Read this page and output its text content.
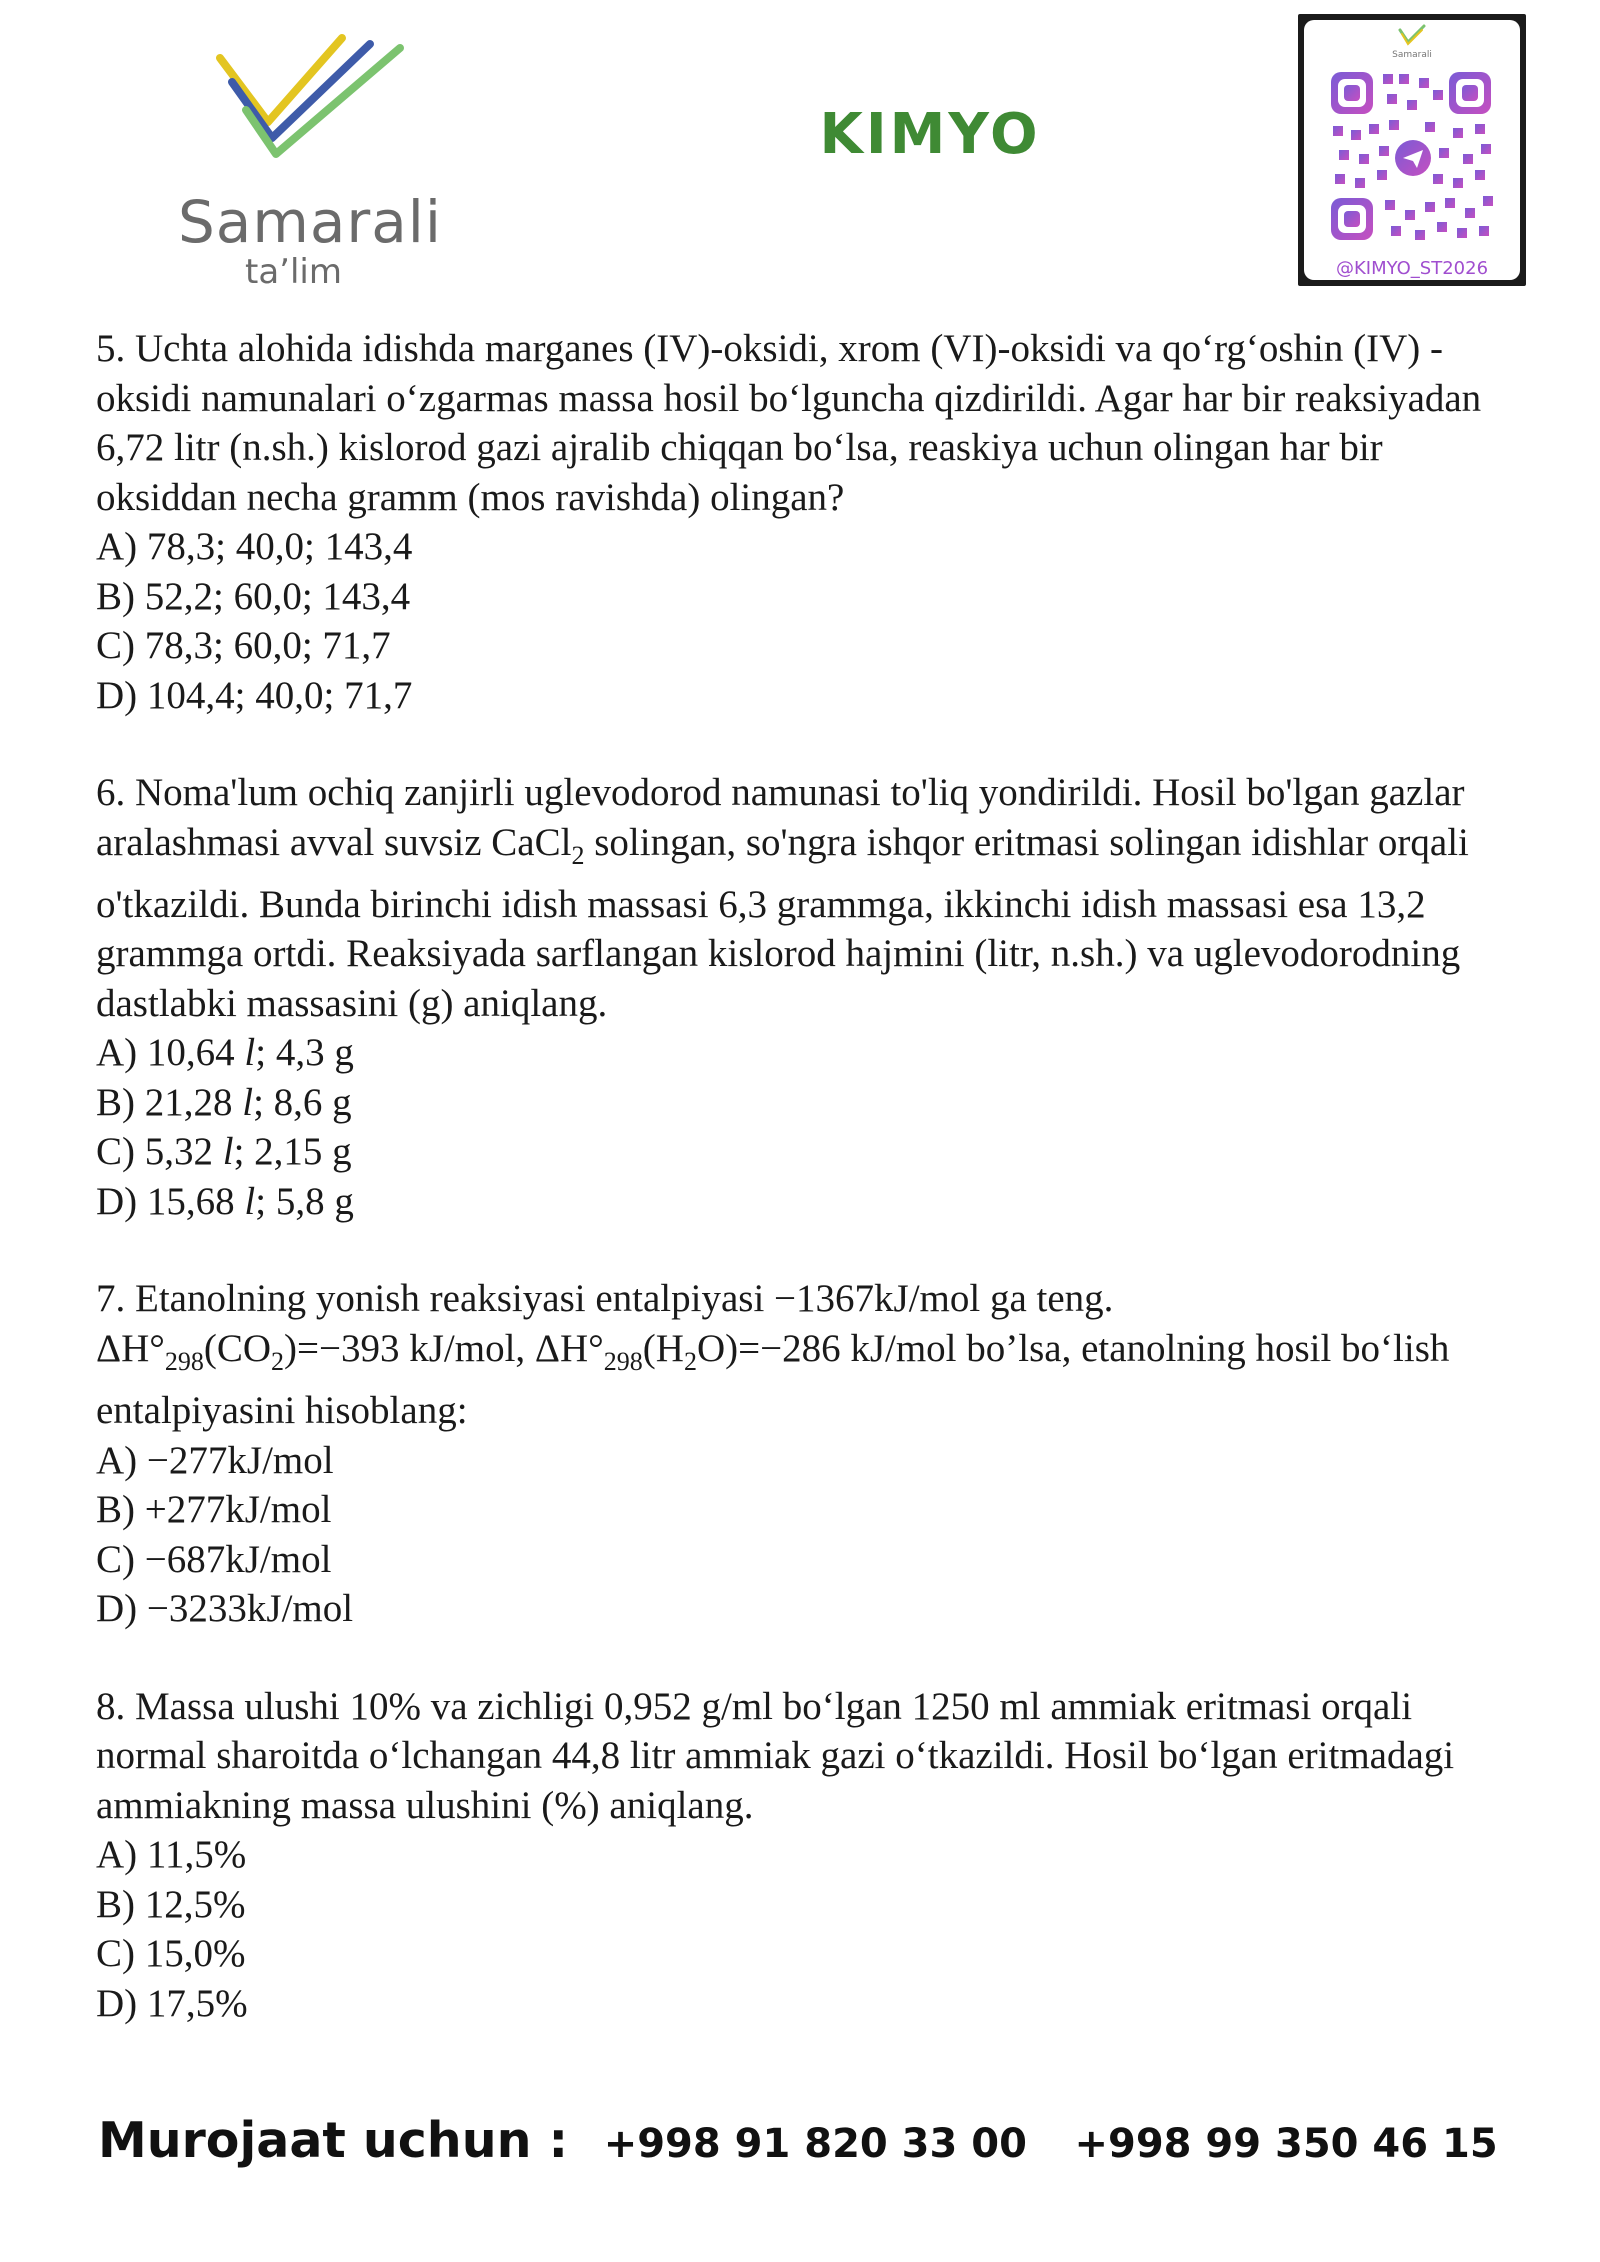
Samarali
ta’lim
KIMYO
Samarali
@KIMYO_ST2026
5. Uchta alohida idishda marganes (IV)-oksidi, xrom (VI)-oksidi va qo‘rg‘oshin (IV) - oksidi namunalari o‘zgarmas massa hosil bo‘lguncha qizdirildi. Agar har bir reaksiyadan 6,72 litr (n.sh.) kislorod gazi ajralib chiqqan bo‘lsa, reaskiya uchun olingan har bir oksiddan necha gramm (mos ravishda) olingan?
A) 78,3; 40,0; 143,4
B) 52,2; 60,0; 143,4
C) 78,3; 60,0; 71,7
D) 104,4; 40,0; 71,7
6. Noma'lum ochiq zanjirli uglevodorod namunasi to'liq yondirildi. Hosil bo'lgan gazlar aralashmasi avval suvsiz CaCl$_2$ solingan, so'ngra ishqor eritmasi solingan idishlar orqali o'tkazildi. Bunda birinchi idish massasi 6,3 grammga, ikkinchi idish massasi esa 13,2 grammga ortdi. Reaksiyada sarflangan kislorod hajmini (litr, n.sh.) va uglevodorodning dastlabki massasini (g) aniqlang.
A) 10,64 l; 4,3 g
B) 21,28 l; 8,6 g
C) 5,32 l; 2,15 g
D) 15,68 l; 5,8 g
7. Etanolning yonish reaksiyasi entalpiyasi −1367kJ/mol ga teng.
$\Delta H^\circ_{298}(CO_2)=-393$ kJ/mol, $\Delta H^\circ_{298}(H_2O)=-286$ kJ/mol bo’lsa, etanolning hosil bo‘lish entalpiyasini hisoblang:
A) −277kJ/mol
B) +277kJ/mol
C) −687kJ/mol
D) −3233kJ/mol
8. Massa ulushi 10% va zichligi 0,952 g/ml bo‘lgan 1250 ml ammiak eritmasi orqali normal sharoitda o‘lchangan 44,8 litr ammiak gazi o‘tkazildi. Hosil bo‘lgan eritmadagi ammiakning massa ulushini (%) aniqlang.
A) 11,5%
B) 12,5%
C) 15,0%
D) 17,5%
Murojaat uchun : +998 91 820 33 00 +998 99 350 46 15
